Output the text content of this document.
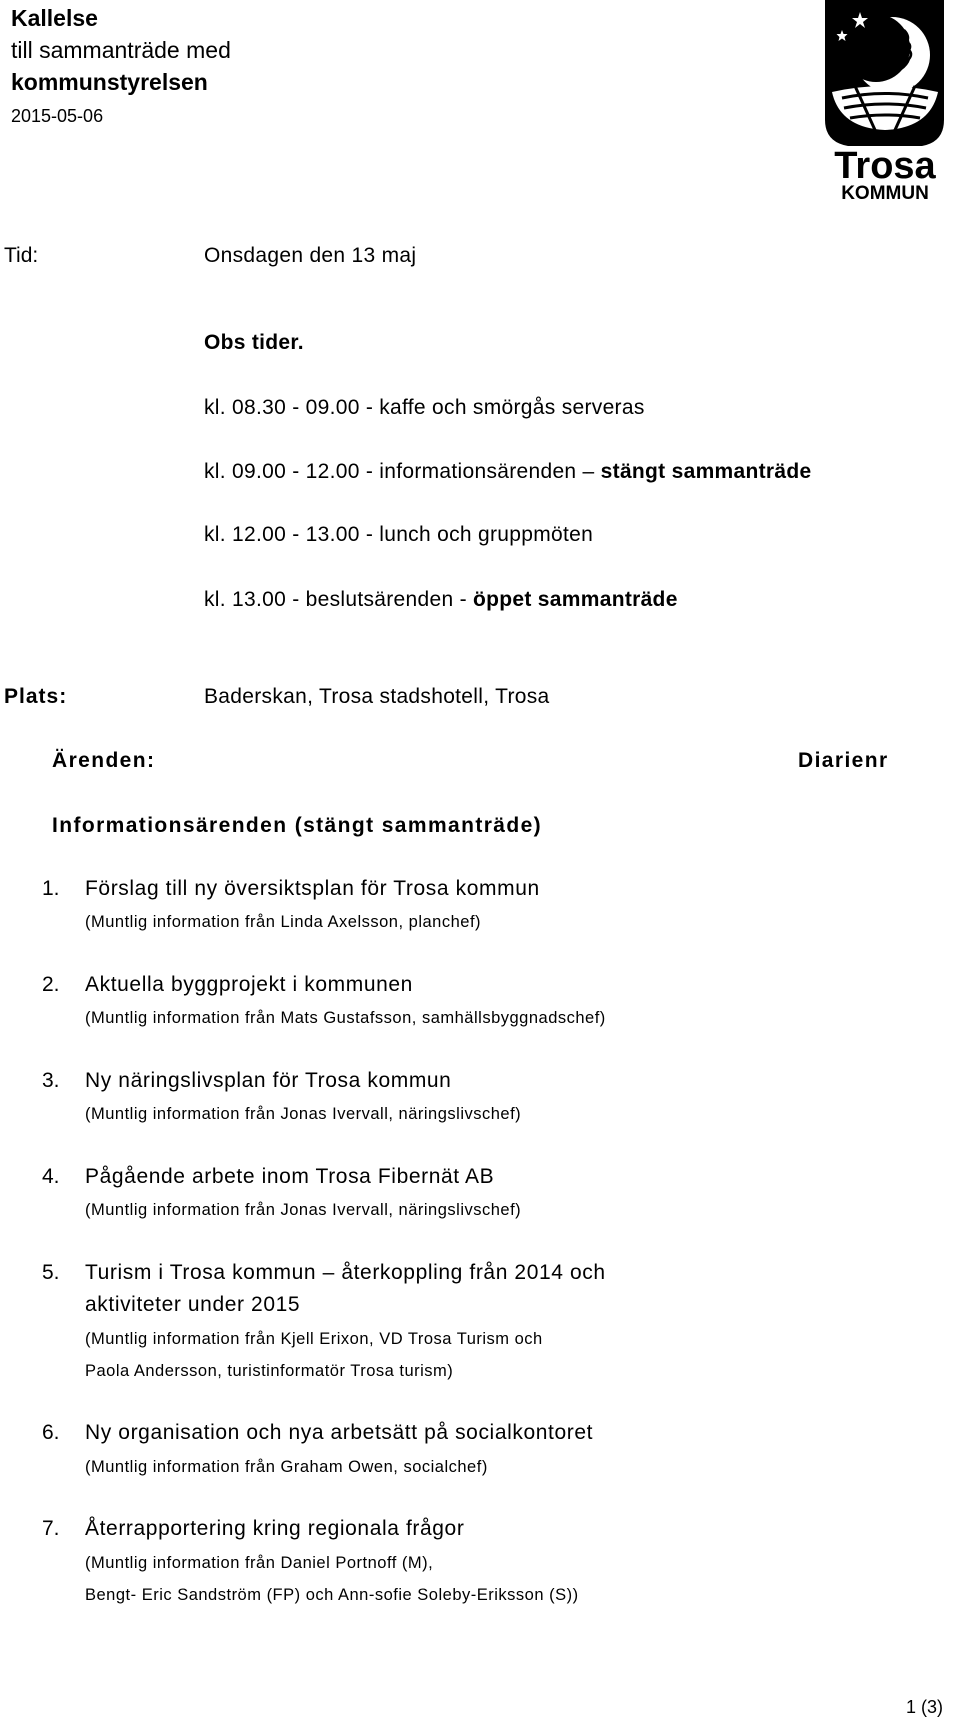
Kallelse
till sammanträde med
kommunstyrelsen
2015-05-06
Trosa
KOMMUN
Tid:	Onsdagen den 13 maj
Obs tider.
kl. 08.30 - 09.00 - kaffe och smörgås serveras
kl. 09.00 - 12.00 - informationsärenden – stängt sammanträde
kl. 12.00 - 13.00 - lunch och gruppmöten
kl. 13.00 - beslutsärenden - öppet sammanträde
Plats:	Baderskan, Trosa stadshotell, Trosa
Ärenden:	Diarienr
Informationsärenden (stängt sammanträde)
1. Förslag till ny översiktsplan för Trosa kommun
(Muntlig information från Linda Axelsson, planchef)
2. Aktuella byggprojekt i kommunen
(Muntlig information från Mats Gustafsson, samhällsbyggnadschef)
3. Ny näringslivsplan för Trosa kommun
(Muntlig information från Jonas Ivervall, näringslivschef)
4. Pågående arbete inom Trosa Fibernät AB
(Muntlig information från Jonas Ivervall, näringslivschef)
5. Turism i Trosa kommun – återkoppling från 2014 och
aktiviteter under 2015
(Muntlig information från Kjell Erixon, VD Trosa Turism och
Paola Andersson, turistinformatör Trosa turism)
6. Ny organisation och nya arbetsätt på socialkontoret
(Muntlig information från Graham Owen, socialchef)
7. Återrapportering kring regionala frågor
(Muntlig information från Daniel Portnoff (M),
Bengt- Eric Sandström (FP) och Ann-sofie Soleby-Eriksson (S))
1 (3)
